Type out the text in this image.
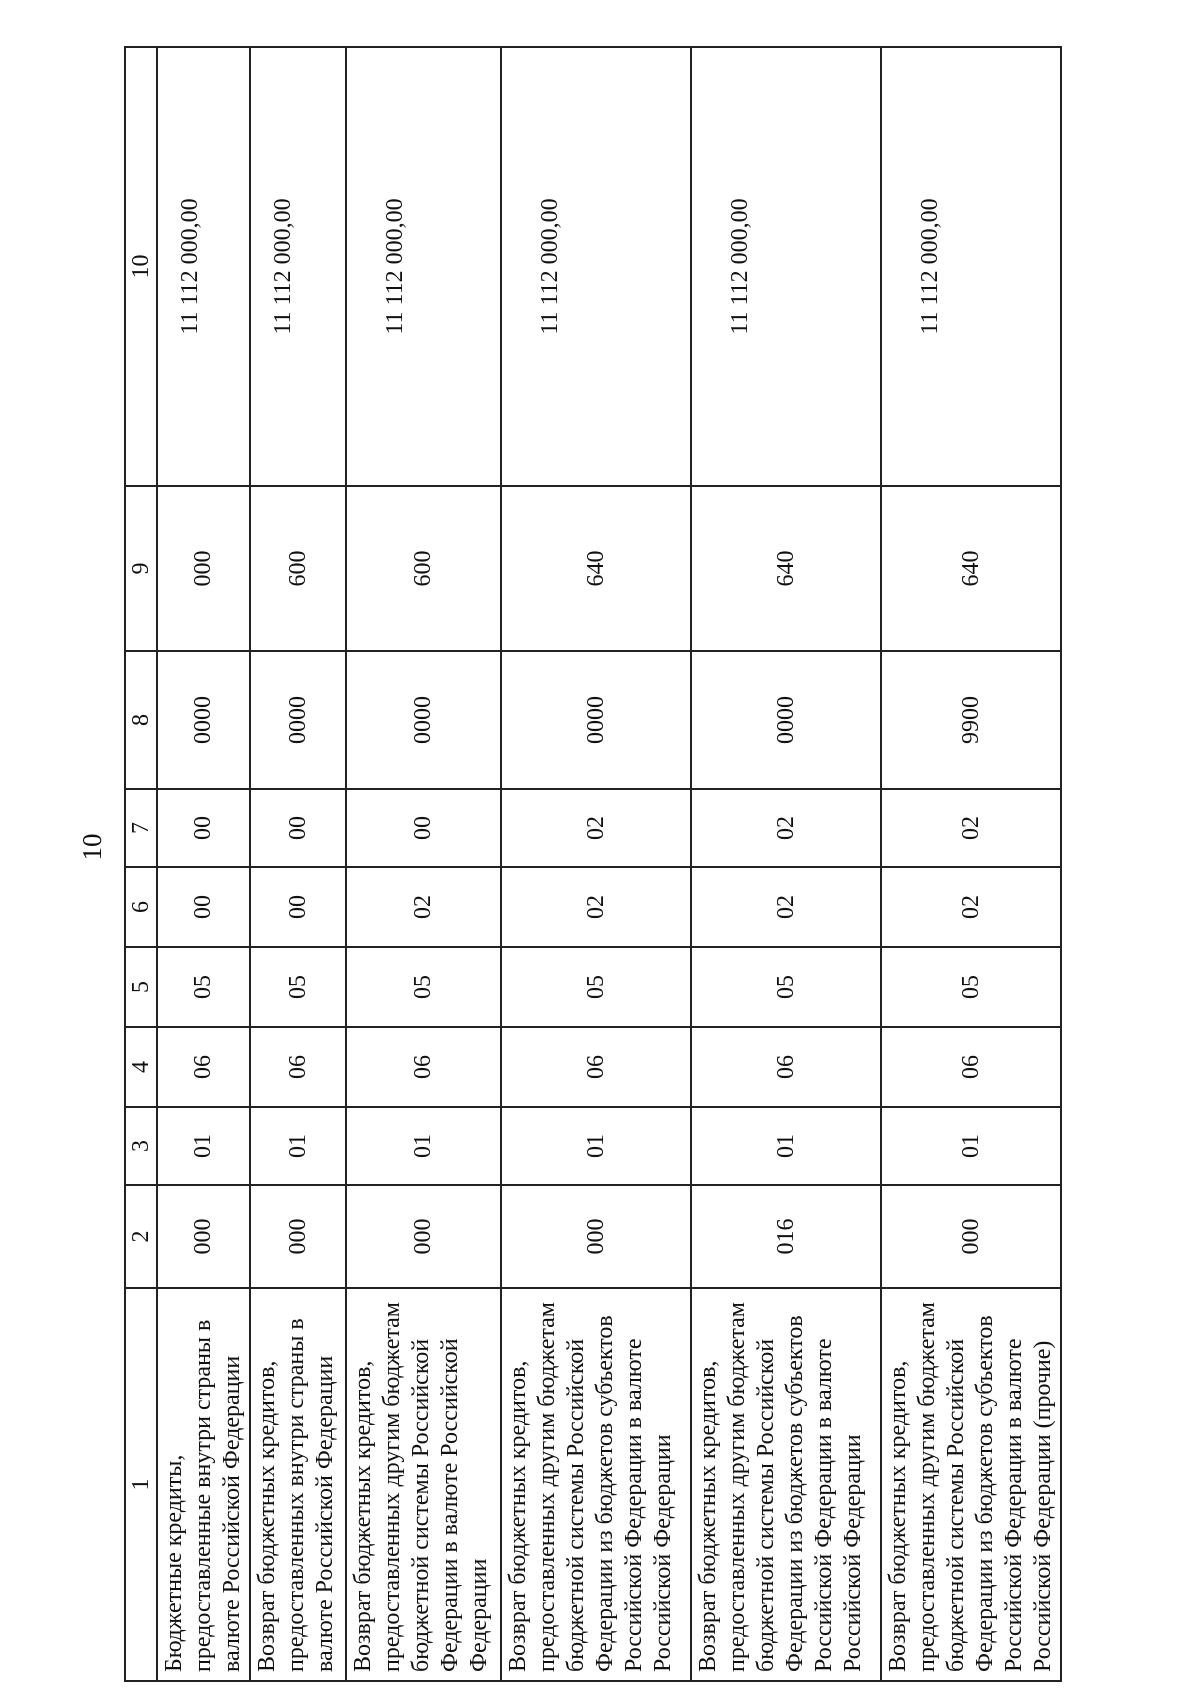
10
1	2	3	4	5	6	7	8	9	10
Бюджетные кредиты, предоставленные внутри страны в валюте Российской Федерации	000	01	06	05	00	00	0000	000	11 112 000,00
Возврат бюджетных кредитов, предоставленных внутри страны в валюте Российской Федерации	000	01	06	05	00	00	0000	600	11 112 000,00
Возврат бюджетных кредитов, предоставленных другим бюджетам бюджетной системы Российской Федерации в валюте Российской Федерации	000	01	06	05	02	00	0000	600	11 112 000,00
Возврат бюджетных кредитов, предоставленных другим бюджетам бюджетной системы Российской Федерации из бюджетов субъектов Российской Федерации в валюте Российской Федерации	000	01	06	05	02	02	0000	640	11 112 000,00
Возврат бюджетных кредитов, предоставленных другим бюджетам бюджетной системы Российской Федерации из бюджетов субъектов Российской Федерации в валюте Российской Федерации	016	01	06	05	02	02	0000	640	11 112 000,00
Возврат бюджетных кредитов, предоставленных другим бюджетам бюджетной системы Российской Федерации из бюджетов субъектов Российской Федерации в валюте Российской Федерации (прочие)	000	01	06	05	02	02	9900	640	11 112 000,00
